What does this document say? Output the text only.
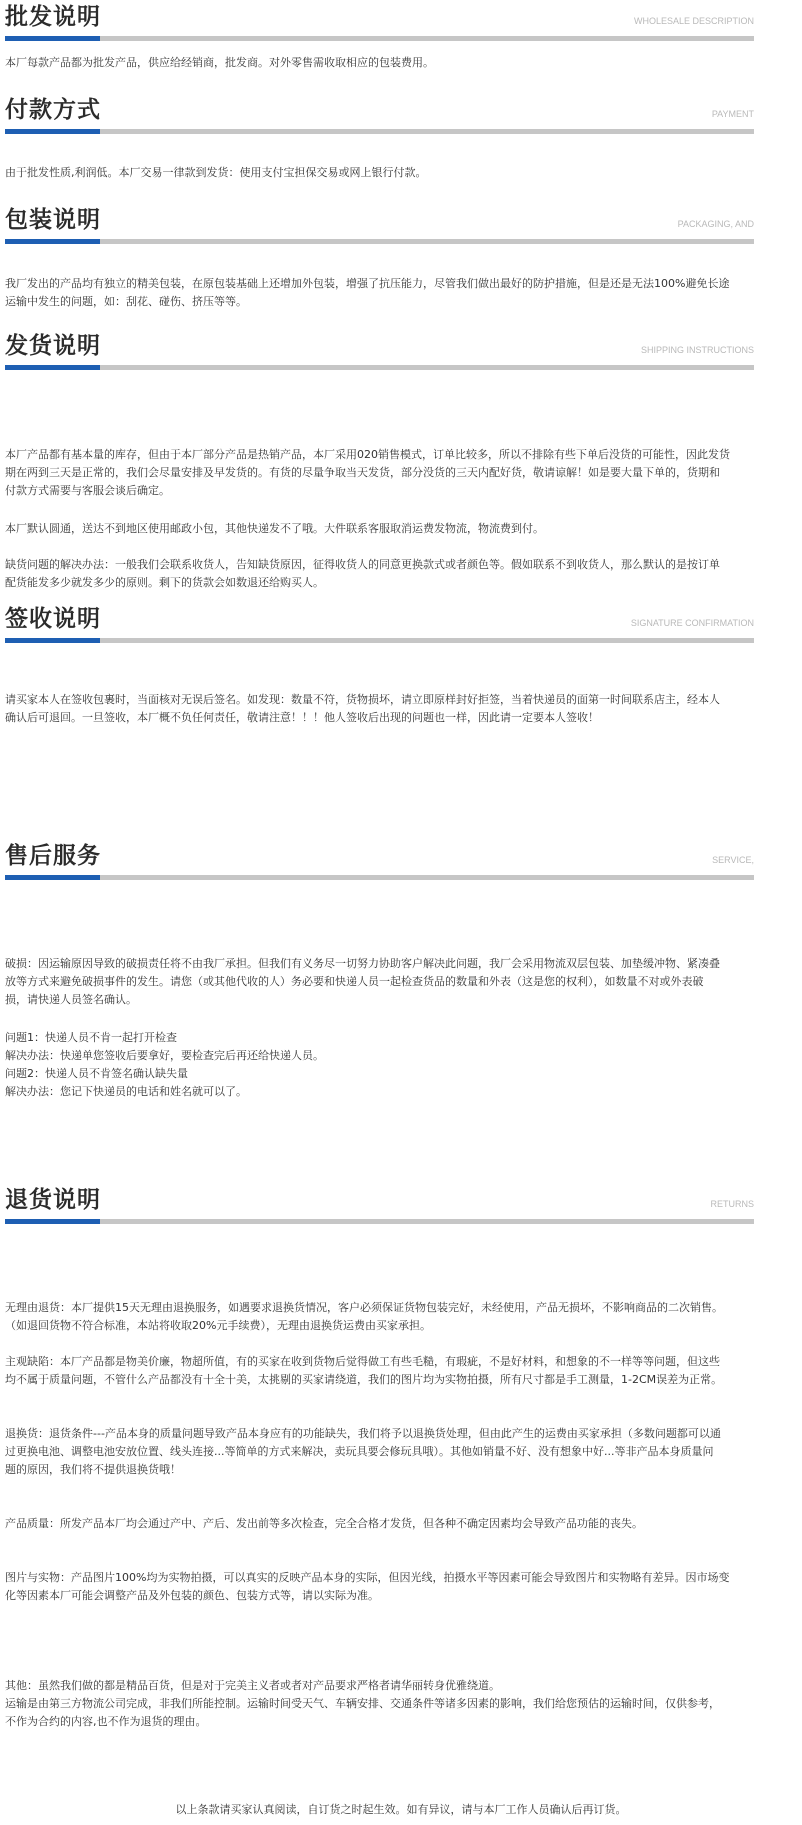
批发说明	WHOLESALE DESCRIPTION

本厂每款产品都为批发产品，供应给经销商，批发商。对外零售需收取相应的包装费用。

付款方式	PAYMENT

由于批发性质,利润低。本厂交易一律款到发货：使用支付宝担保交易或网上银行付款。

包装说明	PACKAGING, AND

我厂发出的产品均有独立的精美包装，在原包装基础上还增加外包装，增强了抗压能力，尽管我们做出最好的防护措施，但是还是无法100%避免长途
运输中发生的问题，如：刮花、碰伤、挤压等等。

发货说明	SHIPPING INSTRUCTIONS

本厂产品都有基本量的库存，但由于本厂部分产品是热销产品，本厂采用020销售模式，订单比较多，所以不排除有些下单后没货的可能性，因此发货
期在两到三天是正常的，我们会尽量安排及早发货的。有货的尽量争取当天发货，部分没货的三天内配好货，敬请谅解！如是要大量下单的，货期和
付款方式需要与客服会谈后确定。

本厂默认圆通，送达不到地区使用邮政小包，其他快递发不了哦。大件联系客服取消运费发物流，物流费到付。

缺货问题的解决办法：一般我们会联系收货人，告知缺货原因，征得收货人的同意更换款式或者颜色等。假如联系不到收货人，那么默认的是按订单
配货能发多少就发多少的原则。剩下的货款会如数退还给购买人。

签收说明	SIGNATURE CONFIRMATION

请买家本人在签收包裹时，当面核对无误后签名。如发现：数量不符，货物损坏，请立即原样封好拒签，当着快递员的面第一时间联系店主，经本人
确认后可退回。一旦签收，本厂概不负任何责任，敬请注意！！！他人签收后出现的问题也一样，因此请一定要本人签收！

售后服务	SERVICE,

破损：因运输原因导致的破损责任将不由我厂承担。但我们有义务尽一切努力协助客户解决此问题，我厂会采用物流双层包装、加垫缓冲物、紧凑叠
放等方式来避免破损事件的发生。请您（或其他代收的人）务必要和快递人员一起检查货品的数量和外表（这是您的权利），如数量不对或外表破
损，请快递人员签名确认。

问题1：快递人员不肯一起打开检查
解决办法：快递单您签收后要拿好，要检查完后再还给快递人员。
问题2：快递人员不肯签名确认缺失量
解决办法：您记下快递员的电话和姓名就可以了。

退货说明	RETURNS

无理由退货：本厂提供15天无理由退换服务，如遇要求退换货情况，客户必须保证货物包装完好，未经使用，产品无损坏，不影响商品的二次销售。
（如退回货物不符合标准，本站将收取20%元手续费），无理由退换货运费由买家承担。

主观缺陷：本厂产品都是物美价廉，物超所值，有的买家在收到货物后觉得做工有些毛糙，有瑕疵，不是好材料，和想象的不一样等等问题，但这些
均不属于质量问题，不管什么产品都没有十全十美，太挑剔的买家请绕道，我们的图片均为实物拍摄，所有尺寸都是手工测量，1-2CM误差为正常。

退换货：退货条件---产品本身的质量问题导致产品本身应有的功能缺失，我们将予以退换货处理，但由此产生的运费由买家承担（多数问题都可以通
过更换电池、调整电池安放位置、线头连接...等简单的方式来解决，卖玩具要会修玩具哦）。其他如销量不好、没有想象中好...等非产品本身质量问
题的原因，我们将不提供退换货哦！

产品质量：所发产品本厂均会通过产中、产后、发出前等多次检查，完全合格才发货，但各种不确定因素均会导致产品功能的丧失。

图片与实物：产品图片100%均为实物拍摄，可以真实的反映产品本身的实际，但因光线，拍摄水平等因素可能会导致图片和实物略有差异。因市场变
化等因素本厂可能会调整产品及外包装的颜色、包装方式等，请以实际为准。

其他：虽然我们做的都是精品百货，但是对于完美主义者或者对产品要求严格者请华丽转身优雅绕道。
运输是由第三方物流公司完成，非我们所能控制。运输时间受天气、车辆安排、交通条件等诸多因素的影响，我们给您预估的运输时间，仅供参考，
不作为合约的内容,也不作为退货的理由。

以上条款请买家认真阅读，自订货之时起生效。如有异议，请与本厂工作人员确认后再订货。
